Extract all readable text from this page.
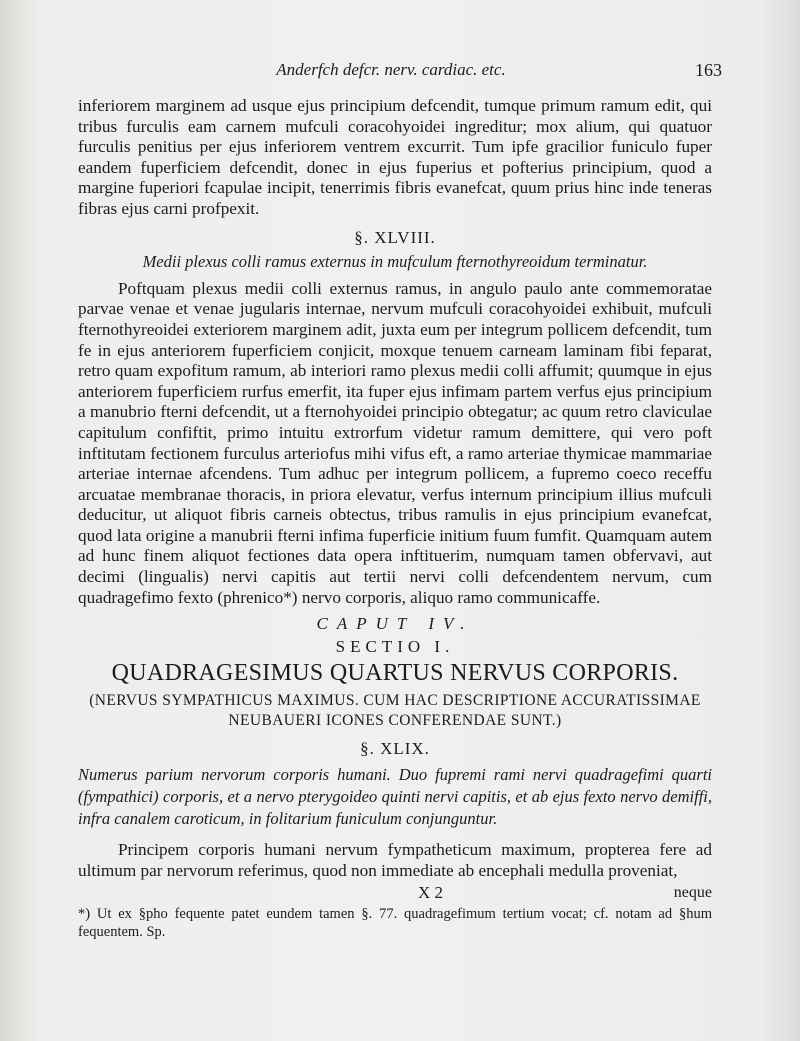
Anderfch defcr. nerv. cardiac. etc.	163

inferiorem marginem ad usque ejus principium defcendit, tumque primum ramum edit, qui tribus furculis eam carnem mufculi coracohyoidei ingreditur; mox alium, qui quatuor furculis penitius per ejus inferiorem ventrem excurrit. Tum ipfe gracilior funiculo fuper eandem fuperficiem defcendit, donec in ejus fuperius et pofterius principium, quod a margine fuperiori fcapulae incipit, tenerrimis fibris evanefcat, quum prius hinc inde teneras fibras ejus carni profpexit.

§. XLVIII.
Medii plexus colli ramus externus in mufculum fternothyreoidum terminatur.

Poftquam plexus medii colli externus ramus, in angulo paulo ante commemoratae parvae venae et venae jugularis internae, nervum mufculi coracohyoidei exhibuit, mufculi fternothyreoidei exteriorem marginem adit, juxta eum per integrum pollicem defcendit, tum fe in ejus anteriorem fuperficiem conjicit, moxque tenuem carneam laminam fibi feparat, retro quam expofitum ramum, ab interiori ramo plexus medii colli affumit; quumque in ejus anteriorem fuperficiem rurfus emerfit, ita fuper ejus infimam partem verfus ejus principium a manubrio fterni defcendit, ut a fternohyoidei principio obtegatur; ac quum retro claviculae capitulum confiftit, primo intuitu extrorfum videtur ramum demittere, qui vero poft inftitutam fectionem furculus arteriofus mihi vifus eft, a ramo arteriae thymicae mammariae arteriae internae afcendens. Tum adhuc per integrum pollicem, a fupremo coeco receffu arcuatae membranae thoracis, in priora elevatur, verfus internum principium illius mufculi deducitur, ut aliquot fibris carneis obtectus, tribus ramulis in ejus principium evanefcat, quod lata origine a manubrii fterni infima fuperficie initium fuum fumfit. Quamquam autem ad hunc finem aliquot fectiones data opera inftituerim, numquam tamen obfervavi, aut decimi (lingualis) nervi capitis aut tertii nervi colli defcendentem nervum, cum quadragefimo fexto (phrenico*) nervo corporis, aliquo ramo communicaffe.

CAPUT IV.
SECTIO I.
QUADRAGESIMUS QUARTUS NERVUS CORPORIS.
(NERVUS SYMPATHICUS MAXIMUS. CUM HAC DESCRIPTIONE ACCURATISSIMAE NEUBAUERI ICONES CONFERENDAE SUNT.)
§. XLIX.

Numerus parium nervorum corporis humani. Duo fupremi rami nervi quadragefimi quarti (fympathici) corporis, et a nervo pterygoideo quinti nervi capitis, et ab ejus fexto nervo demiffi, infra canalem caroticum, in folitarium funiculum conjunguntur.

Principem corporis humani nervum fympatheticum maximum, propterea fere ad ultimum par nervorum referimus, quod non immediate ab encephali medulla proveniat,

X 2	neque

*) Ut ex §pho fequente patet eundem tamen §. 77. quadragefimum tertium vocat; cf. notam ad §hum fequentem. Sp.
